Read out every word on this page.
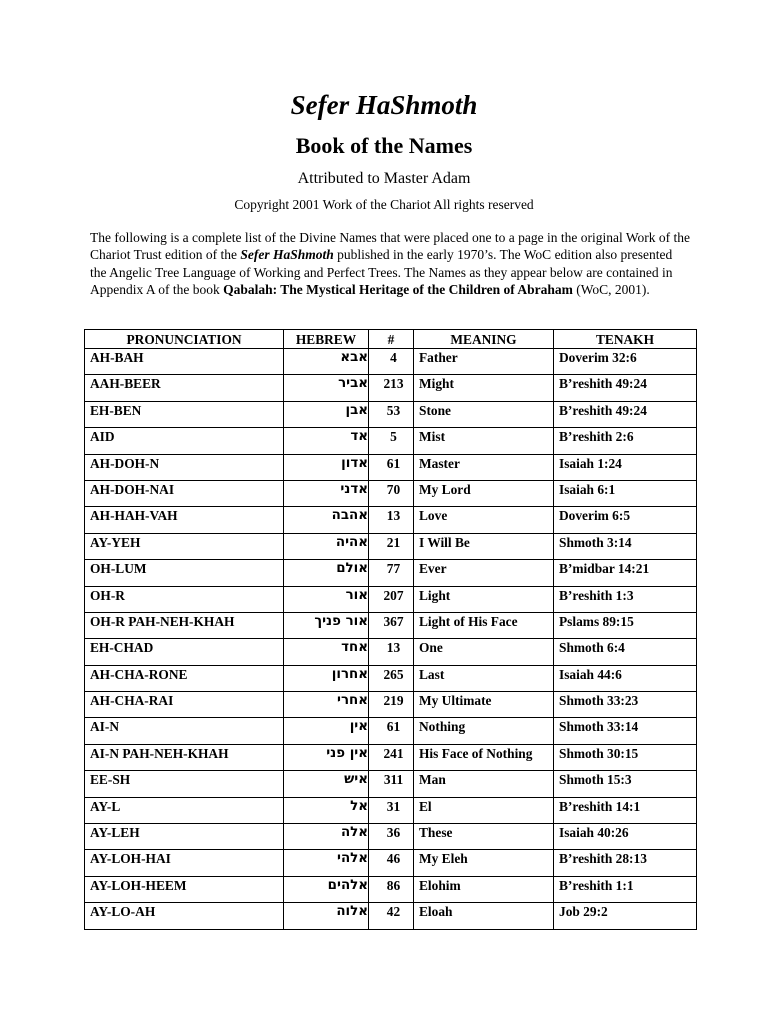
Sefer HaShmoth
Book of the Names
Attributed to Master Adam
Copyright 2001 Work of the Chariot All rights reserved
The following is a complete list of the Divine Names that were placed one to a page in the original Work of the Chariot Trust edition of the Sefer HaShmoth published in the early 1970’s. The WoC edition also presented the Angelic Tree Language of Working and Perfect Trees. The Names as they appear below are contained in Appendix A of the book Qabalah: The Mystical Heritage of the Children of Abraham (WoC, 2001).
PRONUNCIATION	HEBREW	#	MEANING	TENAKH
AH-BAH	אבא	4	Father	Doverim 32:6
AAH-BEER	אביר	213	Might	B’reshith 49:24
EH-BEN	אבן	53	Stone	B’reshith 49:24
AID	אד	5	Mist	B’reshith 2:6
AH-DOH-N	אדון	61	Master	Isaiah 1:24
AH-DOH-NAI	אדני	70	My Lord	Isaiah 6:1
AH-HAH-VAH	אהבה	13	Love	Doverim 6:5
AY-YEH	אהיה	21	I Will Be	Shmoth 3:14
OH-LUM	אולם	77	Ever	B’midbar 14:21
OH-R	אור	207	Light	B’reshith 1:3
OH-R PAH-NEH-KHAH	אור פניך	367	Light of His Face	Pslams 89:15
EH-CHAD	אחד	13	One	Shmoth 6:4
AH-CHA-RONE	אחרון	265	Last	Isaiah 44:6
AH-CHA-RAI	אחרי	219	My Ultimate	Shmoth 33:23
AI-N	אין	61	Nothing	Shmoth 33:14
AI-N PAH-NEH-KHAH	אין פני	241	His Face of Nothing	Shmoth 30:15
EE-SH	איש	311	Man	Shmoth 15:3
AY-L	אל	31	El	B’reshith 14:1
AY-LEH	אלה	36	These	Isaiah 40:26
AY-LOH-HAI	אלהי	46	My Eleh	B’reshith 28:13
AY-LOH-HEEM	אלהים	86	Elohim	B’reshith 1:1
AY-LO-AH	אלוה	42	Eloah	Job 29:2
